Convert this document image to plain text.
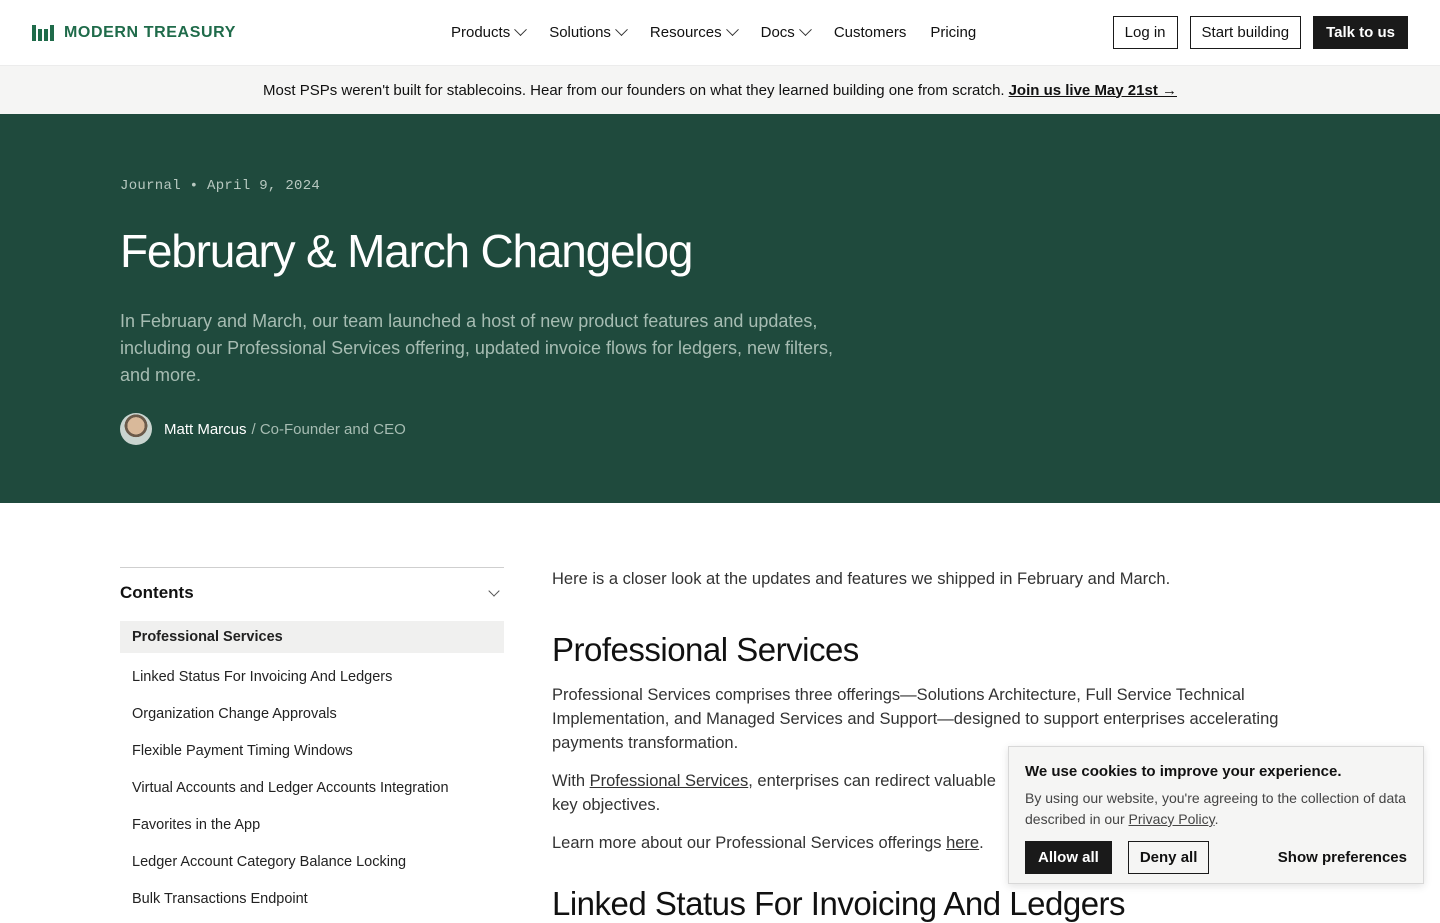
MODERN TREASURY	Products	Solutions	Resources	Docs	Customers Pricing	Log in	Start building	Talk to us
Most PSPs weren't built for stablecoins. Hear from our founders on what they learned building one from scratch. Join us live May 21st →
Journal • April 9, 2024
February & March Changelog

In February and March, our team launched a host of new product features and updates, including our Professional Services offering, updated invoice flows for ledgers, new filters, and more.

Matt Marcus / Co-Founder and CEO
Contents
Professional Services
Linked Status For Invoicing And Ledgers
Organization Change Approvals
Flexible Payment Timing Windows
Virtual Accounts and Ledger Accounts Integration
Favorites in the App
Ledger Account Category Balance Locking
Bulk Transactions Endpoint

Here is a closer look at the updates and features we shipped in February and March.

Professional Services

Professional Services comprises three offerings—Solutions Architecture, Full Service Technical Implementation, and Managed Services and Support—designed to support enterprises accelerating payments transformation.

With Professional Services, enterprises can redirect valuable
key objectives.

Learn more about our Professional Services offerings here.

Linked Status For Invoicing And Ledgers
We use cookies to improve your experience.

By using our website, you're agreeing to the collection of data described in our Privacy Policy.

Allow all	Deny all	Show preferences
